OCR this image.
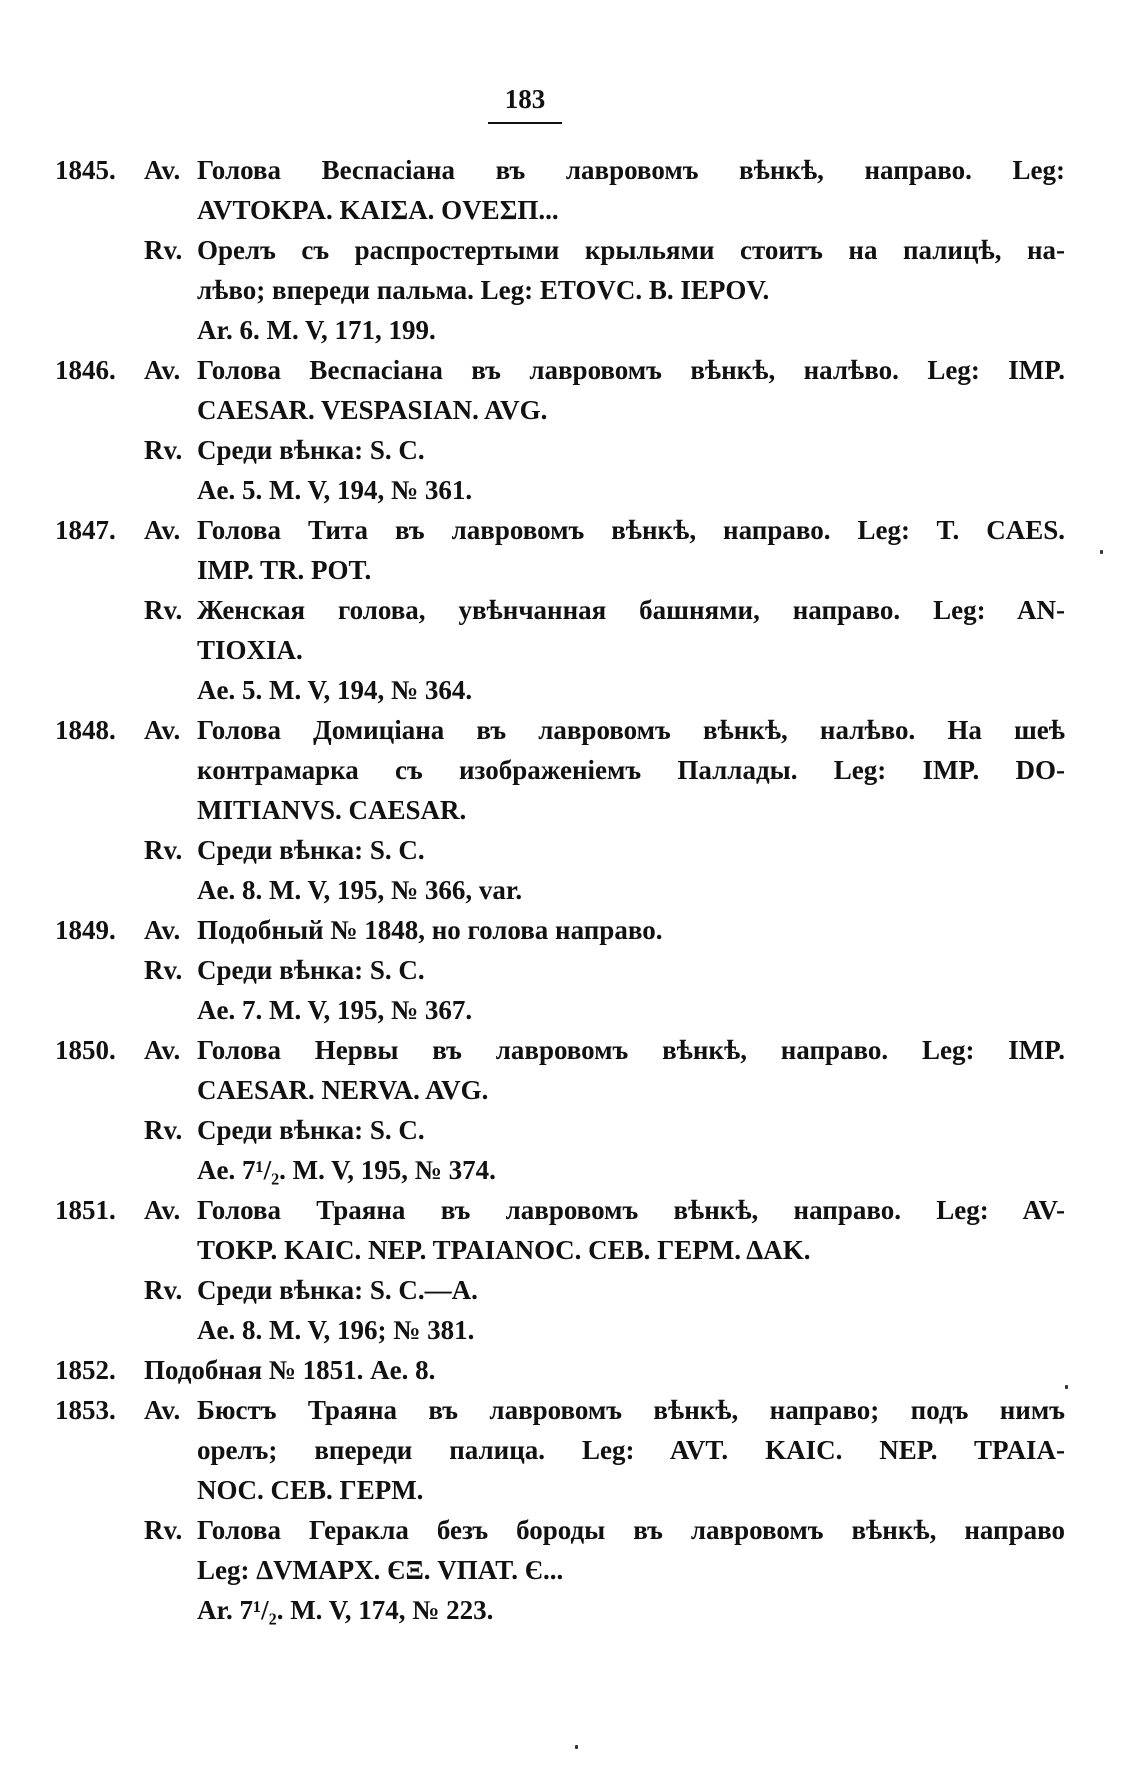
183
1845. Av. Голова Веспасіана въ лавровомъ вѣнкѣ, направо. Leg:
AVTOKPA. KAIΣA. OVEΣΠ...
Rv. Орелъ съ распростертыми крыльями стоитъ на палицѣ, на-
лѣво; впереди пальма. Leg: ETOVC. B. IEPOV.
Ar. 6. M. V, 171, 199.
1846. Av. Голова Веспасіана въ лавровомъ вѣнкѣ, налѣво. Leg: IMP.
CAESAR. VESPASIAN. AVG.
Rv. Среди вѣнка: S. C.
Ae. 5. M. V, 194, № 361.
1847. Av. Голова Тита въ лавровомъ вѣнкѣ, направо. Leg: T. CAES.
IMP. TR. POT.
Rv. Женская голова, увѣнчанная башнями, направо. Leg: AN-
TIOXIA.
Ae. 5. M. V, 194, № 364.
1848. Av. Голова Домиціана въ лавровомъ вѣнкѣ, налѣво. На шеѣ
контрамарка съ изображеніемъ Паллады. Leg: IMP. DO-
MITIANVS. CAESAR.
Rv. Среди вѣнка: S. C.
Ae. 8. M. V, 195, № 366, var.
1849. Av. Подобный № 1848, но голова направо.
Rv. Среди вѣнка: S. C.
Ae. 7. M. V, 195, № 367.
1850. Av. Голова Нервы въ лавровомъ вѣнкѣ, направо. Leg: IMP.
CAESAR. NERVA. AVG.
Rv. Среди вѣнка: S. C.
Ae. 7¹/₂. M. V, 195, № 374.
1851. Av. Голова Траяна въ лавровомъ вѣнкѣ, направо. Leg: AV-
TOKP. KAIC. NEP. TPAIANOC. CEB. ΓΕΡΜ. ΔAK.
Rv. Среди вѣнка: S. C.—A.
Ae. 8. M. V, 196; № 381.
1852. Подобная № 1851. Ae. 8.
1853. Av. Бюстъ Траяна въ лавровомъ вѣнкѣ, направо; подъ нимъ
орелъ; впереди палица. Leg: AVT. KAIC. NEP. TPAIA-
NOC. CEB. ΓΕΡΜ.
Rv. Голова Геракла безъ бороды въ лавровомъ вѣнкѣ, направо
Leg: ΔVMAPX. ЄΞ. VΠAT. Є...
Ar. 7¹/₂. M. V, 174, № 223.
